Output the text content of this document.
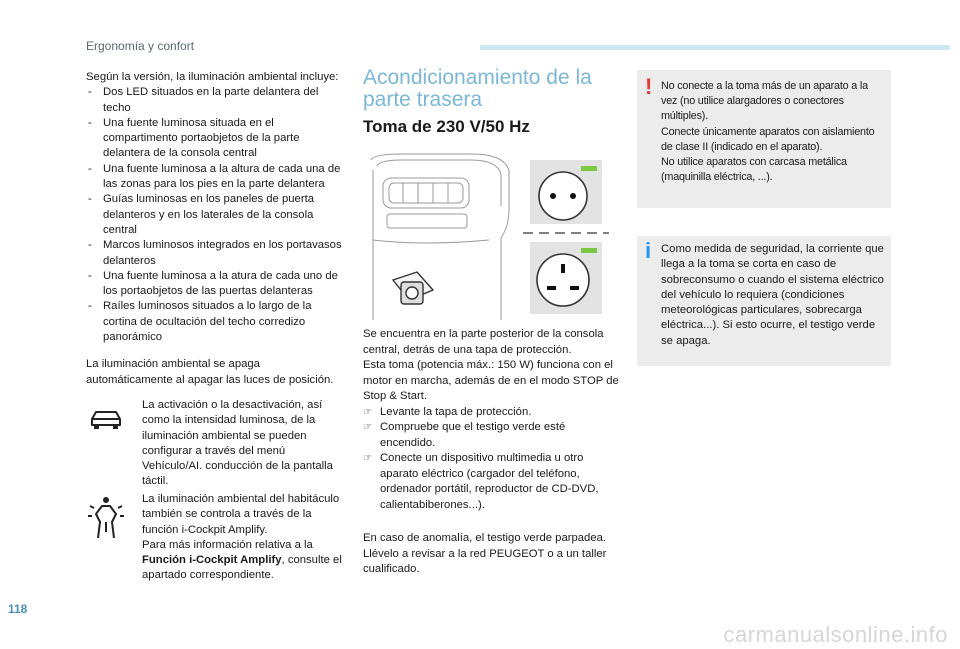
Ergonomía y confort

Según la versión, la iluminación ambiental incluye:

- Dos LED situados en la parte delantera del techo
- Una fuente luminosa situada en el compartimento portaobjetos de la parte delantera de la consola central
- Una fuente luminosa a la altura de cada una de las zonas para los pies en la parte delantera
- Guías luminosas en los paneles de puerta delanteros y en los laterales de la consola central
- Marcos luminosos integrados en los portavasos delanteros
- Una fuente luminosa a la atura de cada uno de los portaobjetos de las puertas delanteras
- Raíles luminosos situados a lo largo de la cortina de ocultación del techo corredizo panorámico

La iluminación ambiental se apaga automáticamente al apagar las luces de posición.

La activación o la desactivación, así como la intensidad luminosa, de la iluminación ambiental se pueden configurar a través del menú Vehículo/AI. conducción de la pantalla táctil.
La iluminación ambiental del habitáculo también se controla a través de la función i-Cockpit Amplify.
Para más información relativa a la Función i-Cockpit Amplify, consulte el apartado correspondiente.
Acondicionamiento de la parte trasera
Toma de 230 V/50 Hz

Se encuentra en la parte posterior de la consola central, detrás de una tapa de protección.

Esta toma (potencia máx.: 150 W) funciona con el motor en marcha, además de en el modo STOP de Stop & Start.

☞ Levante la tapa de protección.
☞ Compruebe que el testigo verde esté encendido.
☞ Conecte un dispositivo multimedia u otro aparato eléctrico (cargador del teléfono, ordenador portátil, reproductor de CD-DVD, calientabiberones...).

En caso de anomalía, el testigo verde parpadea.

Llévelo a revisar a la red PEUGEOT o a un taller cualificado.

! No conecte a la toma más de un aparato a la vez (no utilice alargadores o conectores múltiples).
Conecte únicamente aparatos con aislamiento de clase II (indicado en el aparato).
No utilice aparatos con carcasa metálica (maquinilla eléctrica, ...).
i Como medida de seguridad, la corriente que llega a la toma se corta en caso de sobreconsumo o cuando el sistema eléctrico del vehículo lo requiera (condiciones meteorológicas particulares, sobrecarga eléctrica...). Si esto ocurre, el testigo verde se apaga.
118
carmanualsonline.info
